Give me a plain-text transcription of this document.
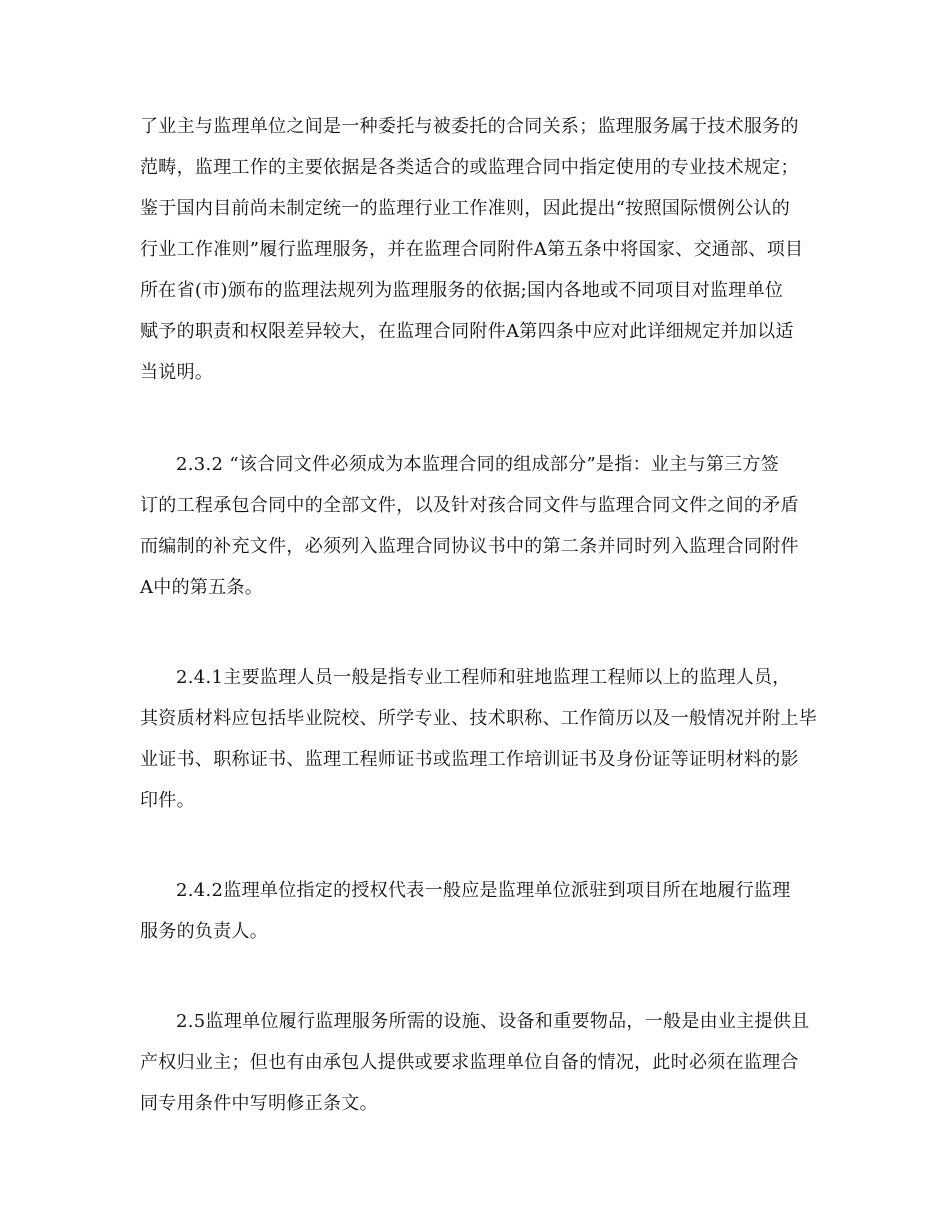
了业主与监理单位之间是一种委托与被委托的合同关系；监理服务属于技术服务的
范畴，监理工作的主要依据是各类适合的或监理合同中指定使用的专业技术规定；
鉴于国内目前尚未制定统一的监理行业工作准则，因此提出“按照国际惯例公认的
行业工作准则”履行监理服务，并在监理合同附件A第五条中将国家、交通部、项目
所在省(市)颁布的监理法规列为监理服务的依据;国内各地或不同项目对监理单位
赋予的职责和权限差异较大，在监理合同附件A第四条中应对此详细规定并加以适
当说明。
2.3.2 “该合同文件必须成为本监理合同的组成部分”是指：业主与第三方签
订的工程承包合同中的全部文件，以及针对孩合同文件与监理合同文件之间的矛盾
而编制的补充文件，必须列入监理合同协议书中的第二条并同时列入监理合同附件
A中的第五条。
2.4.1主要监理人员一般是指专业工程师和驻地监理工程师以上的监理人员，
其资质材料应包括毕业院校、所学专业、技术职称、工作简历以及一般情况并附上毕
业证书、职称证书、监理工程师证书或监理工作培训证书及身份证等证明材料的影
印件。
2.4.2监理单位指定的授权代表一般应是监理单位派驻到项目所在地履行监理
服务的负责人。
2.5监理单位履行监理服务所需的设施、设备和重要物品，一般是由业主提供且
产权归业主；但也有由承包人提供或要求监理单位自备的情况，此时必须在监理合
同专用条件中写明修正条文。
